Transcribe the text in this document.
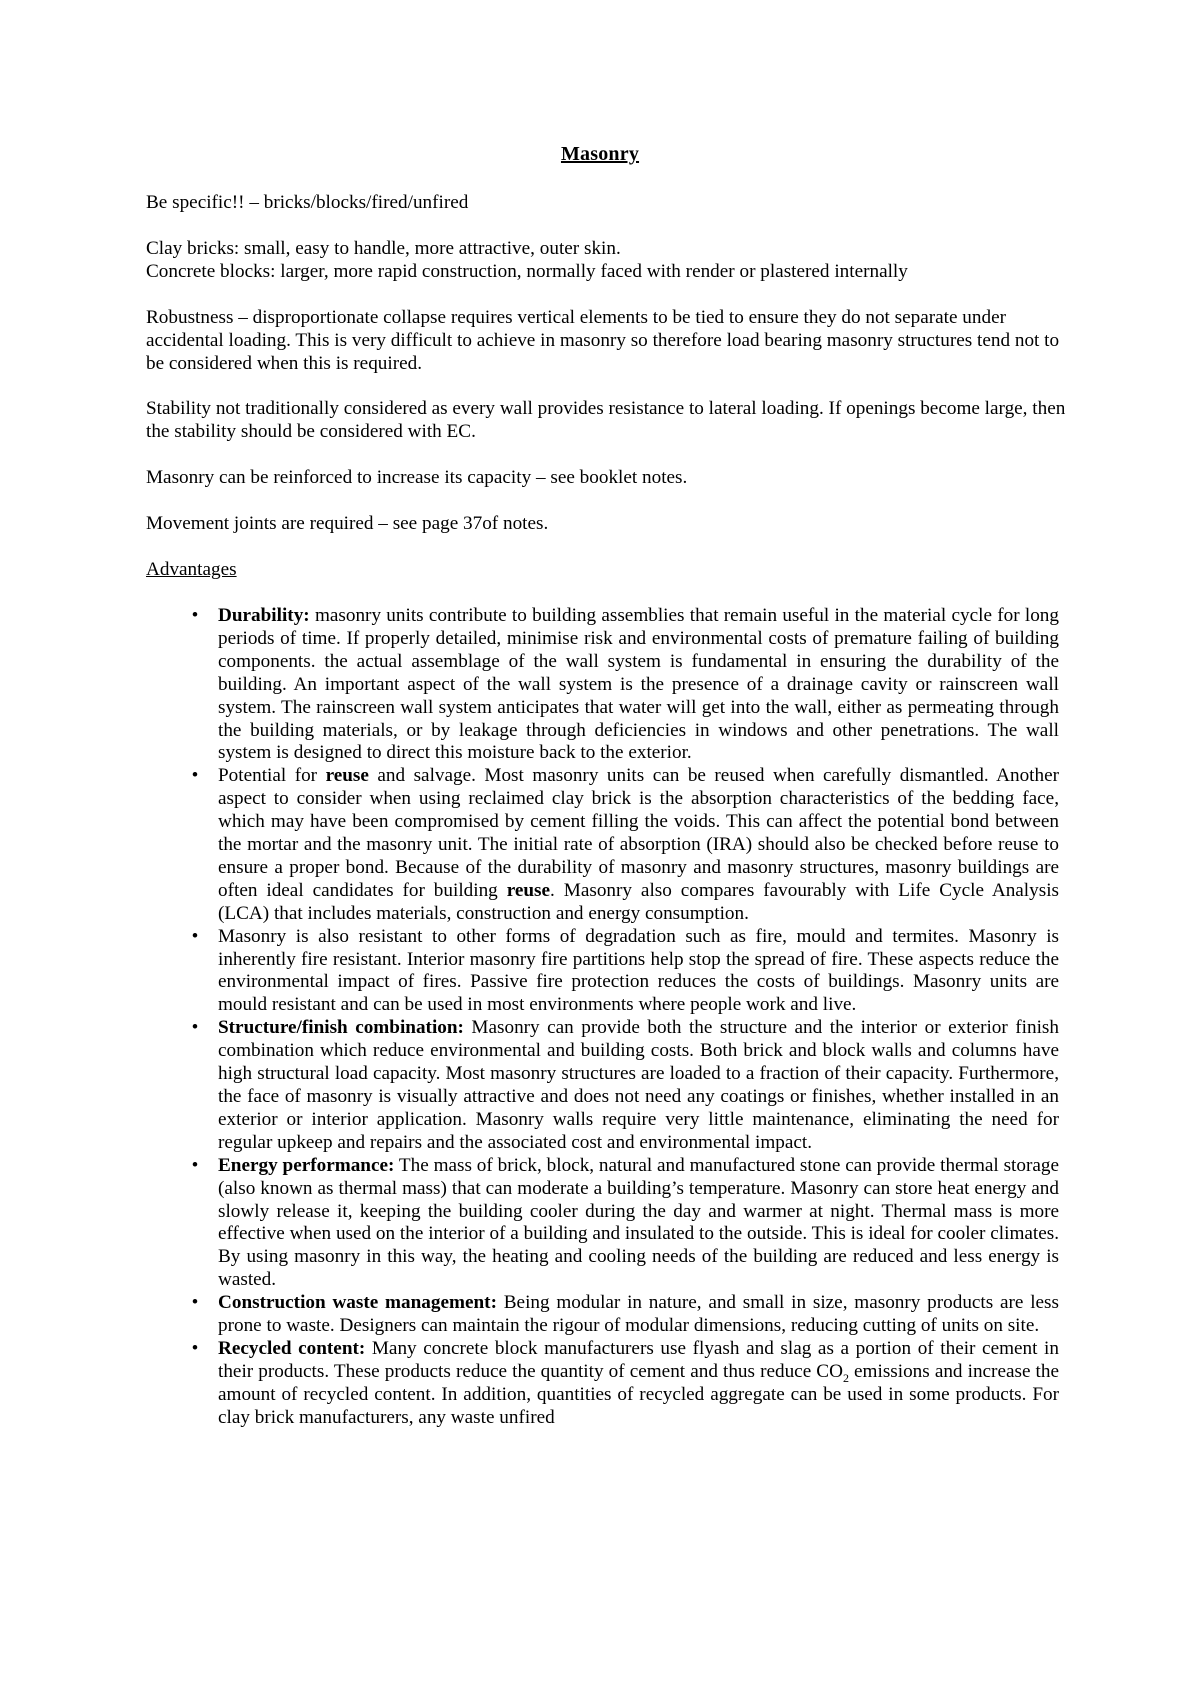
Masonry

Be specific!! – bricks/blocks/fired/unfired

Clay bricks: small, easy to handle, more attractive, outer skin.

Concrete blocks: larger, more rapid construction, normally faced with render or plastered internally

Robustness – disproportionate collapse requires vertical elements to be tied to ensure they do not separate under accidental loading. This is very difficult to achieve in masonry so therefore load bearing masonry structures tend not to be considered when this is required.

Stability not traditionally considered as every wall provides resistance to lateral loading. If openings become large, then the stability should be considered with EC.

Masonry can be reinforced to increase its capacity – see booklet notes.

Movement joints are required – see page 37of notes.

Advantages

•	Durability: masonry units contribute to building assemblies that remain useful in the material cycle for long periods of time. If properly detailed, minimise risk and environmental costs of premature failing of building components. the actual assemblage of the wall system is fundamental in ensuring the durability of the building. An important aspect of the wall system is the presence of a drainage cavity or rainscreen wall system. The rainscreen wall system anticipates that water will get into the wall, either as permeating through the building materials, or by leakage through deficiencies in windows and other penetrations. The wall system is designed to direct this moisture back to the exterior.
•	Potential for reuse and salvage. Most masonry units can be reused when carefully dismantled. Another aspect to consider when using reclaimed clay brick is the absorption characteristics of the bedding face, which may have been compromised by cement filling the voids. This can affect the potential bond between the mortar and the masonry unit. The initial rate of absorption (IRA) should also be checked before reuse to ensure a proper bond. Because of the durability of masonry and masonry structures, masonry buildings are often ideal candidates for building reuse. Masonry also compares favourably with Life Cycle Analysis (LCA) that includes materials, construction and energy consumption.
•	Masonry is also resistant to other forms of degradation such as fire, mould and termites. Masonry is inherently fire resistant. Interior masonry fire partitions help stop the spread of fire. These aspects reduce the environmental impact of fires. Passive fire protection reduces the costs of buildings. Masonry units are mould resistant and can be used in most environments where people work and live.
•	Structure/finish combination: Masonry can provide both the structure and the interior or exterior finish combination which reduce environmental and building costs. Both brick and block walls and columns have high structural load capacity. Most masonry structures are loaded to a fraction of their capacity. Furthermore, the face of masonry is visually attractive and does not need any coatings or finishes, whether installed in an exterior or interior application. Masonry walls require very little maintenance, eliminating the need for regular upkeep and repairs and the associated cost and environmental impact.
•	Energy performance: The mass of brick, block, natural and manufactured stone can provide thermal storage (also known as thermal mass) that can moderate a building’s temperature. Masonry can store heat energy and slowly release it, keeping the building cooler during the day and warmer at night. Thermal mass is more effective when used on the interior of a building and insulated to the outside. This is ideal for cooler climates. By using masonry in this way, the heating and cooling needs of the building are reduced and less energy is wasted.
•	Construction waste management: Being modular in nature, and small in size, masonry products are less prone to waste. Designers can maintain the rigour of modular dimensions, reducing cutting of units on site.
•	Recycled content: Many concrete block manufacturers use flyash and slag as a portion of their cement in their products. These products reduce the quantity of cement and thus reduce $CO_2$ emissions and increase the amount of recycled content. In addition, quantities of recycled aggregate can be used in some products. For clay brick manufacturers, any waste unfired
